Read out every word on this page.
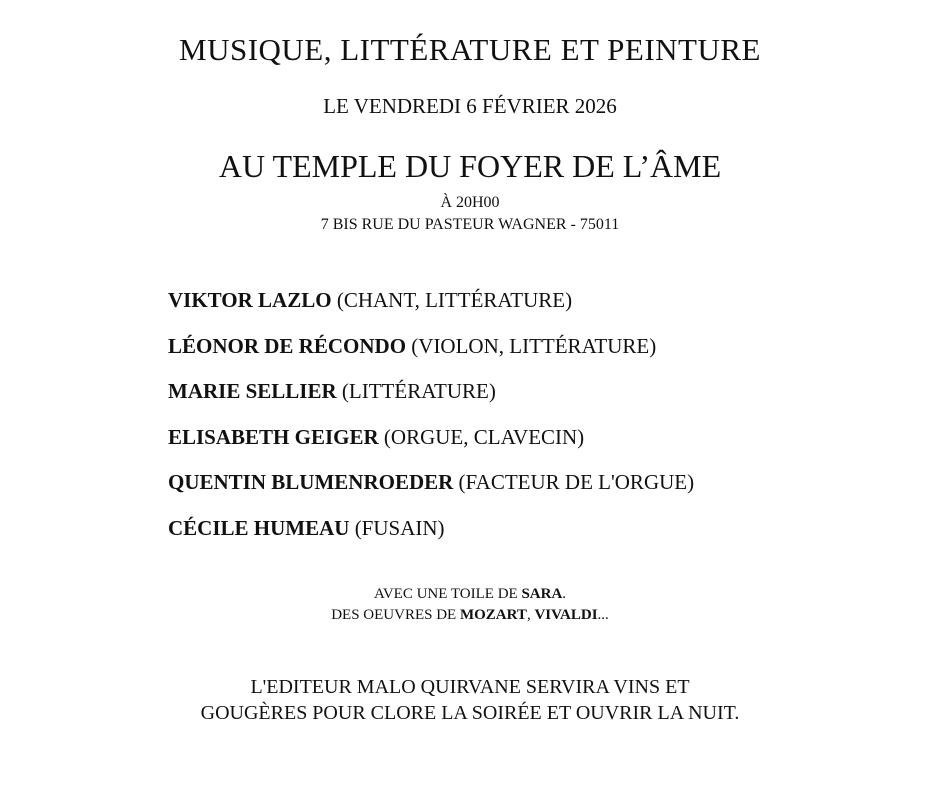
MUSIQUE, LITTÉRATURE ET PEINTURE
LE VENDREDI 6 FÉVRIER 2026
AU TEMPLE DU FOYER DE L’ÂME
À 20H00
7 BIS RUE DU PASTEUR WAGNER - 75011
VIKTOR LAZLO (CHANT, LITTÉRATURE)
LÉONOR DE RÉCONDO (VIOLON, LITTÉRATURE)
MARIE SELLIER (LITTÉRATURE)
ELISABETH GEIGER (ORGUE, CLAVECIN)
QUENTIN BLUMENROEDER (FACTEUR DE L'ORGUE)
CÉCILE HUMEAU (FUSAIN)
AVEC UNE TOILE DE SARA.
DES OEUVRES DE MOZART, VIVALDI...
L'EDITEUR MALO QUIRVANE SERVIRA VINS ET
GOUGÈRES POUR CLORE LA SOIRÉE ET OUVRIR LA NUIT.
